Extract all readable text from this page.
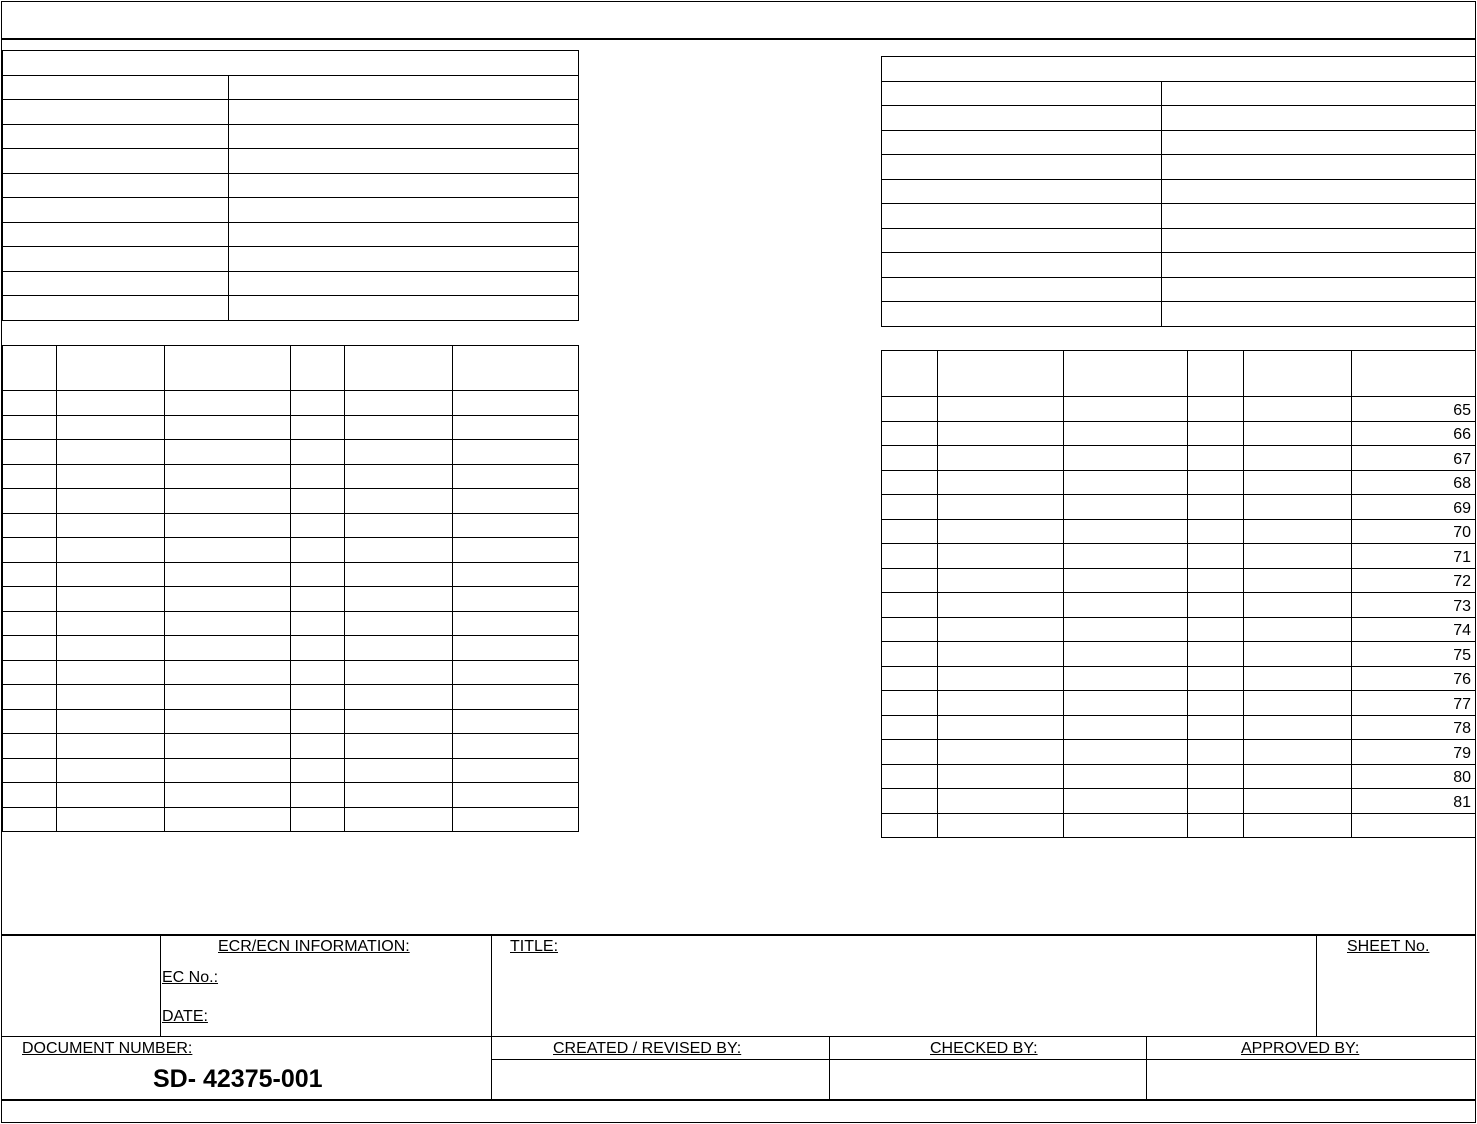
					65
					66
					67
					68
					69
					70
					71
					72
					73
					74
					75
					76
					77
					78
					79
					80
					81

ECR/ECN INFORMATION:
EC No.:
DATE:
TITLE:	SHEET No.
DOCUMENT NUMBER:
SD- 42375-001
CREATED / REVISED BY:	CHECKED BY:	APPROVED BY:
